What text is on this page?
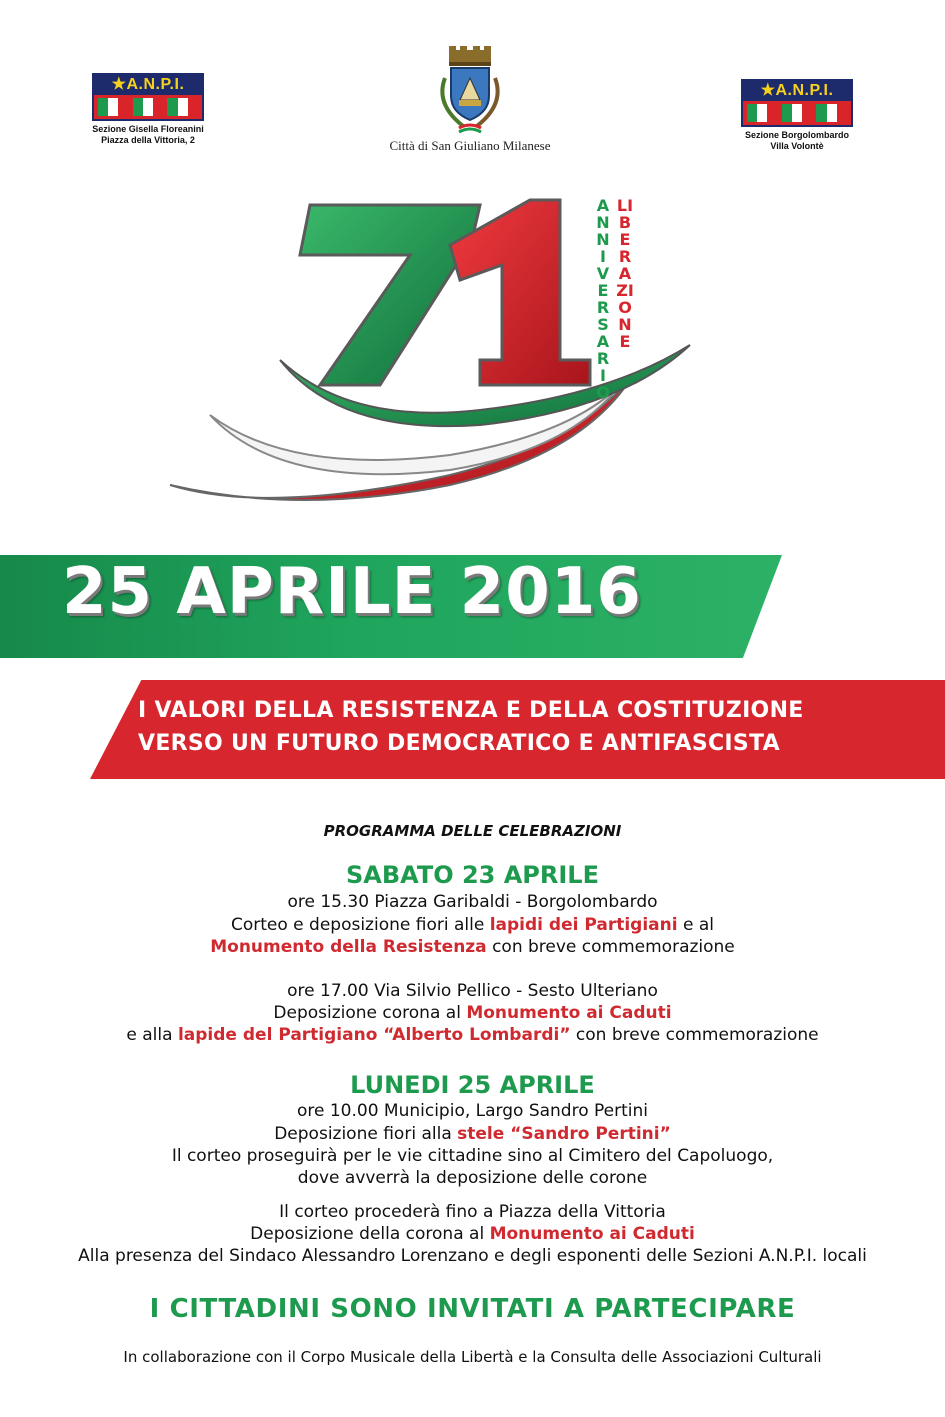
★A.N.P.I.
Sezione Gisella Floreanini
Piazza della Vittoria, 2
★A.N.P.I.
Sezione Borgolombardo
Villa Volontè
Città di San Giuliano Milanese
ANNIVERSARIO
LIBERAZIONE
25 APRILE 2016
I VALORI DELLA RESISTENZA E DELLA COSTITUZIONE
VERSO UN FUTURO DEMOCRATICO E ANTIFASCISTA
PROGRAMMA DELLE CELEBRAZIONI
SABATO 23 APRILE
ore 15.30 Piazza Garibaldi - Borgolombardo
Corteo e deposizione fiori alle lapidi dei Partigiani e al
Monumento della Resistenza con breve commemorazione
ore 17.00 Via Silvio Pellico - Sesto Ulteriano
Deposizione corona al Monumento ai Caduti
e alla lapide del Partigiano “Alberto Lombardi” con breve commemorazione
LUNEDI 25 APRILE
ore 10.00 Municipio, Largo Sandro Pertini
Deposizione fiori alla stele “Sandro Pertini”
Il corteo proseguirà per le vie cittadine sino al Cimitero del Capoluogo,
dove avverrà la deposizione delle corone
Il corteo procederà fino a Piazza della Vittoria
Deposizione della corona al Monumento ai Caduti
Alla presenza del Sindaco Alessandro Lorenzano e degli esponenti delle Sezioni A.N.P.I. locali
I CITTADINI SONO INVITATI A PARTECIPARE
In collaborazione con il Corpo Musicale della Libertà e la Consulta delle Associazioni Culturali
